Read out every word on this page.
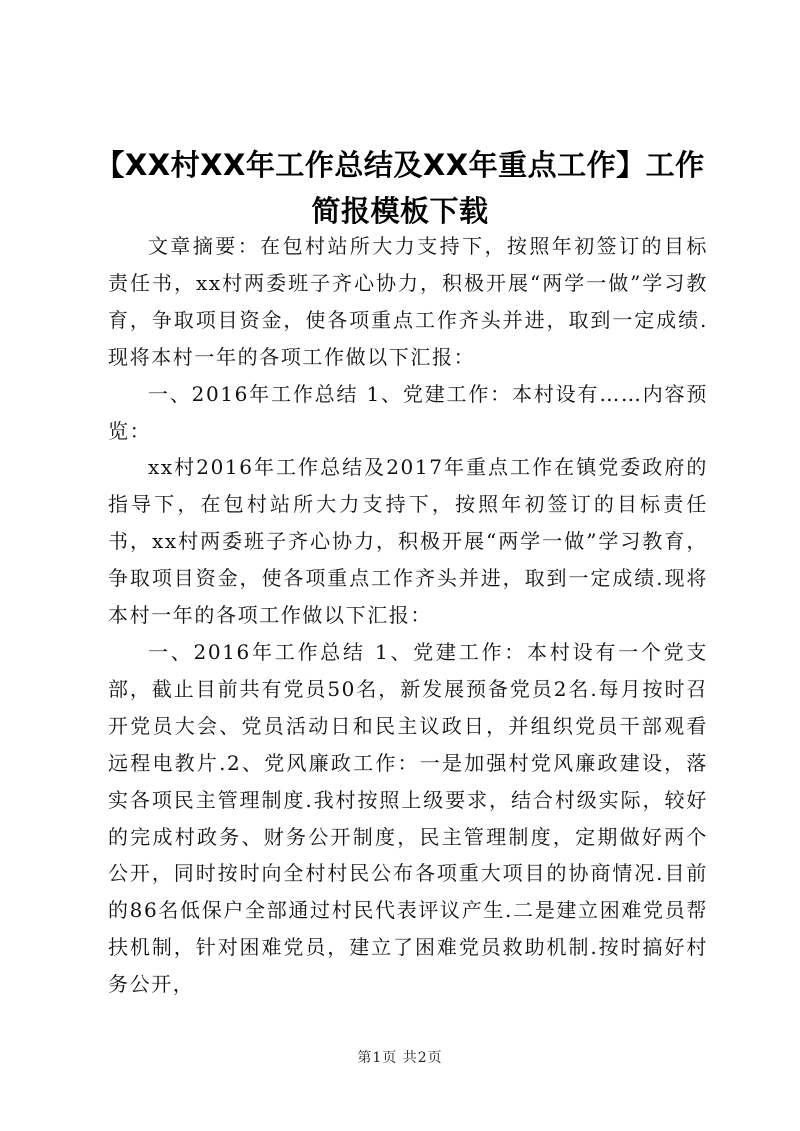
【XX村XX年工作总结及XX年重点工作】工作简报模板下载

文章摘要：在包村站所大力支持下，按照年初签订的目标责任书，xx村两委班子齐心协力，积极开展“两学一做”学习教育，争取项目资金，使各项重点工作齐头并进，取到一定成绩.现将本村一年的各项工作做以下汇报：

一、2016年工作总结 1、党建工作：本村设有……内容预览：

xx村2016年工作总结及2017年重点工作在镇党委政府的指导下，在包村站所大力支持下，按照年初签订的目标责任书，xx村两委班子齐心协力，积极开展“两学一做”学习教育，争取项目资金，使各项重点工作齐头并进，取到一定成绩.现将本村一年的各项工作做以下汇报：

一、2016年工作总结 1、党建工作：本村设有一个党支部，截止目前共有党员50名，新发展预备党员2名.每月按时召开党员大会、党员活动日和民主议政日，并组织党员干部观看远程电教片.2、党风廉政工作：一是加强村党风廉政建设，落实各项民主管理制度.我村按照上级要求，结合村级实际，较好的完成村政务、财务公开制度，民主管理制度，定期做好两个公开，同时按时向全村村民公布各项重大项目的协商情况.目前的86名低保户全部通过村民代表评议产生.二是建立困难党员帮扶机制，针对困难党员，建立了困难党员救助机制.按时搞好村务公开，

第1页 共2页
